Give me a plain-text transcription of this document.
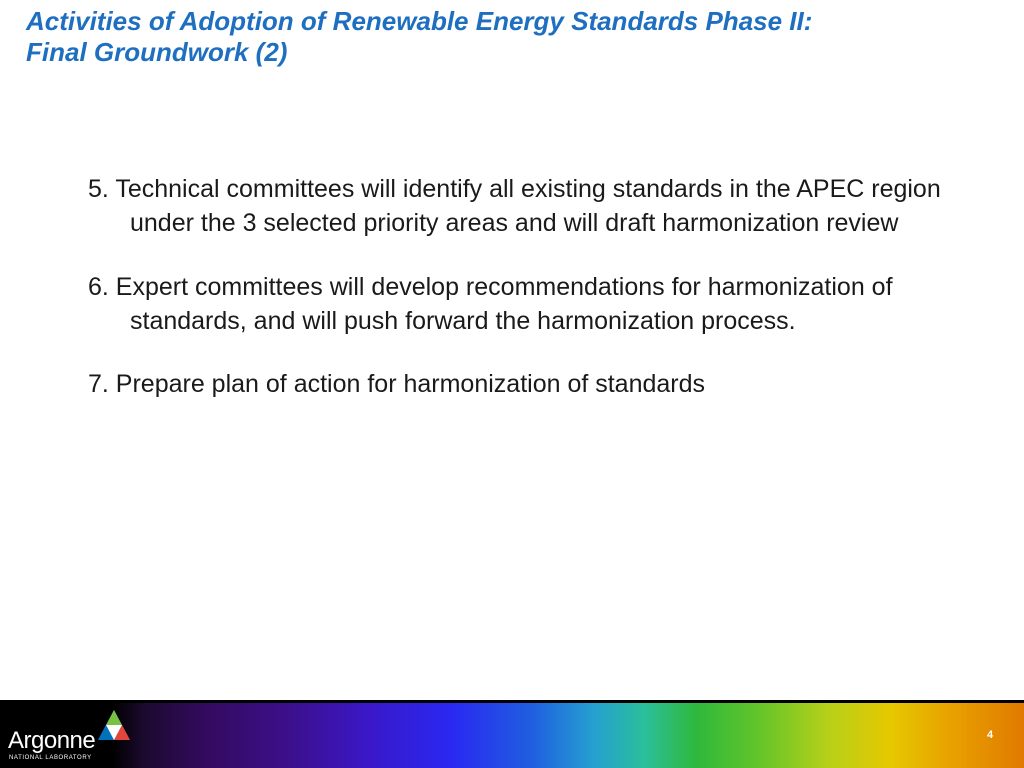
Activities of Adoption of Renewable Energy Standards Phase II:
Final Groundwork (2)
5. Technical committees will identify all existing standards in the APEC region under the 3 selected priority areas and will draft harmonization review
6. Expert committees will develop recommendations for harmonization of standards, and will push forward the harmonization process.
7. Prepare plan of action for harmonization of standards
Argonne
NATIONAL LABORATORY
4
